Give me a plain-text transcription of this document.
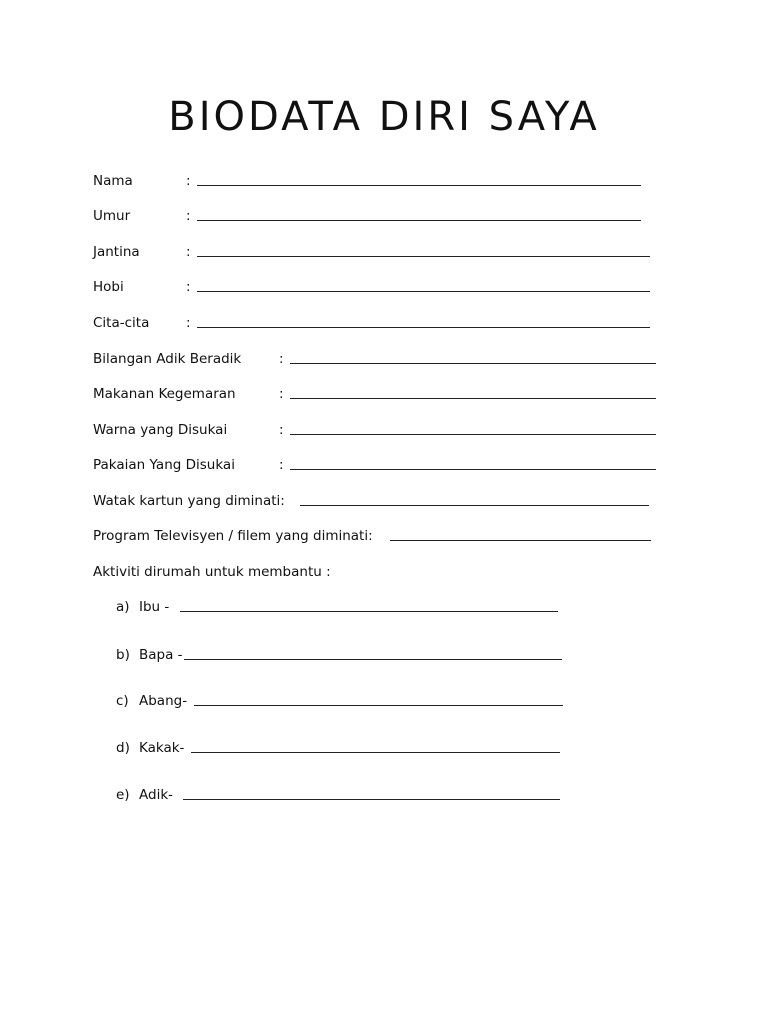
BIODATA DIRI SAYA
Nama	:
Umur	:
Jantina	:
Hobi	:
Cita-cita	:
Bilangan Adik Beradik	:
Makanan Kegemaran	:
Warna yang Disukai	:
Pakaian Yang Disukai	:
Watak kartun yang diminati:
Program Televisyen / filem yang diminati:
Aktiviti dirumah untuk membantu :
a) Ibu -
b) Bapa -
c) Abang-
d) Kakak-
e) Adik-
